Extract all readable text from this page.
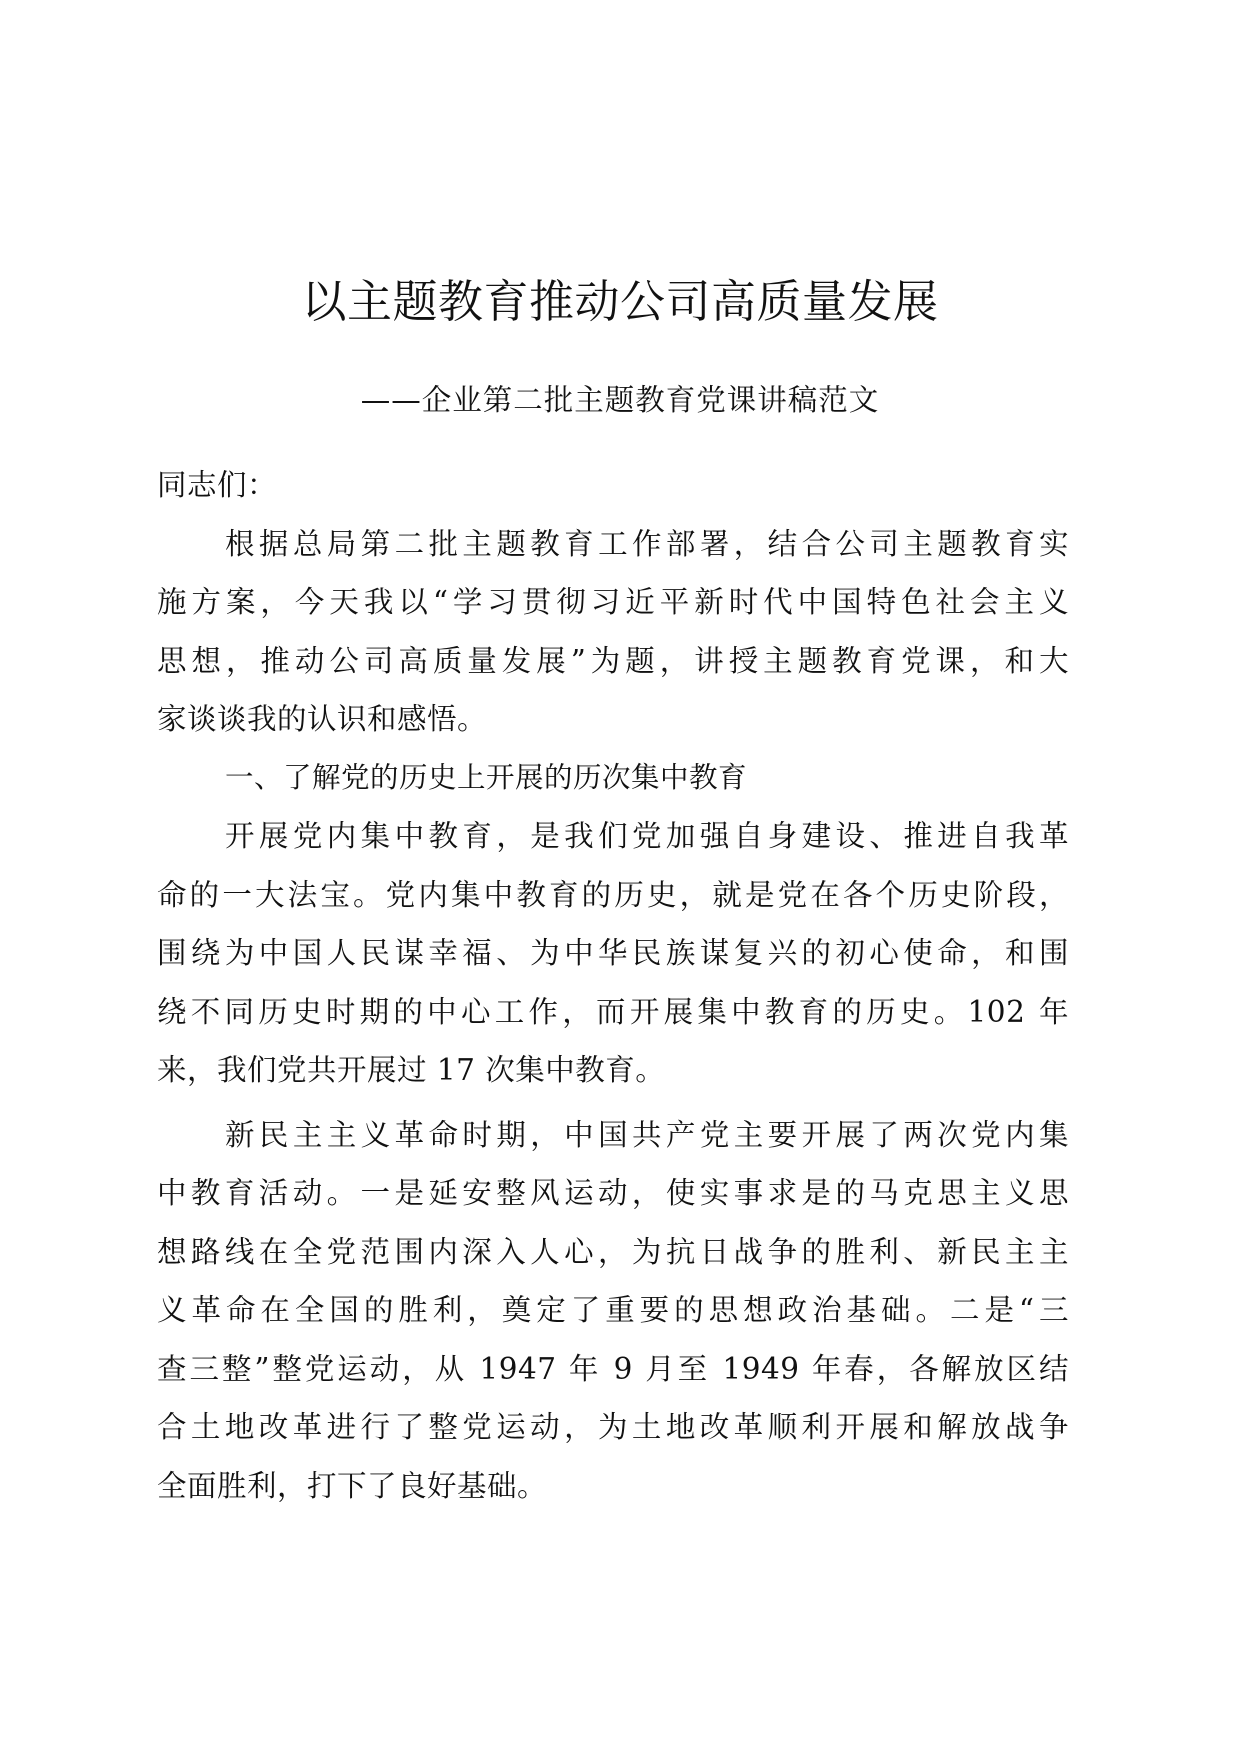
以主题教育推动公司高质量发展
——企业第二批主题教育党课讲稿范文
同志们：
根据总局第二批主题教育工作部署，结合公司主题教育实
施方案，今天我以“学习贯彻习近平新时代中国特色社会主义
思想，推动公司高质量发展”为题，讲授主题教育党课，和大
家谈谈我的认识和感悟。
一、了解党的历史上开展的历次集中教育
开展党内集中教育，是我们党加强自身建设、推进自我革
命的一大法宝。党内集中教育的历史，就是党在各个历史阶段，
围绕为中国人民谋幸福、为中华民族谋复兴的初心使命，和围
绕不同历史时期的中心工作，而开展集中教育的历史。102 年
来，我们党共开展过 17 次集中教育。
新民主主义革命时期，中国共产党主要开展了两次党内集
中教育活动。一是延安整风运动，使实事求是的马克思主义思
想路线在全党范围内深入人心，为抗日战争的胜利、新民主主
义革命在全国的胜利，奠定了重要的思想政治基础。二是“三
查三整”整党运动，从 1947 年 9 月至 1949 年春，各解放区结
合土地改革进行了整党运动，为土地改革顺利开展和解放战争
全面胜利，打下了良好基础。
